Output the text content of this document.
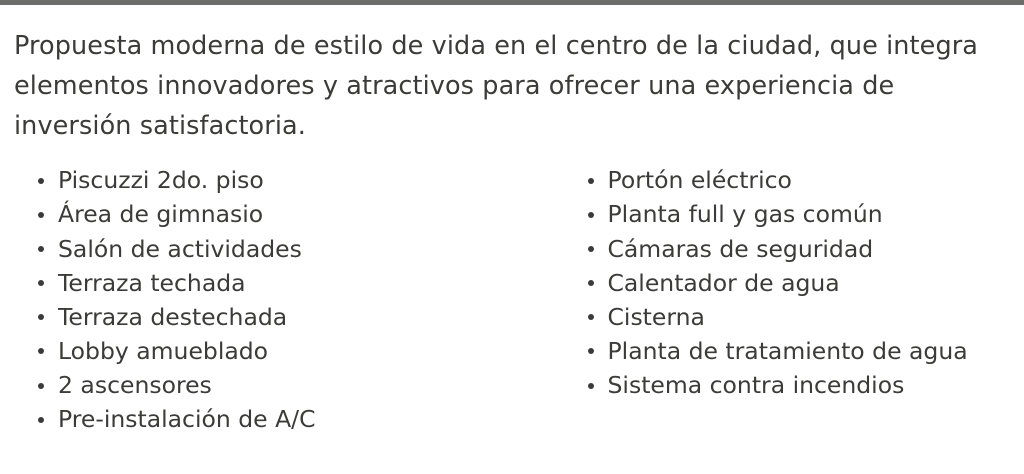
Propuesta moderna de estilo de vida en el centro de la ciudad, que integra elementos innovadores y atractivos para ofrecer una experiencia de inversión satisfactoria.

Piscuzzi 2do. piso
Área de gimnasio
Salón de actividades
Terraza techada
Terraza destechada
Lobby amueblado
2 ascensores
Pre-instalación de A/C
Portón eléctrico
Planta full y gas común
Cámaras de seguridad
Calentador de agua
Cisterna
Planta de tratamiento de agua
Sistema contra incendios
